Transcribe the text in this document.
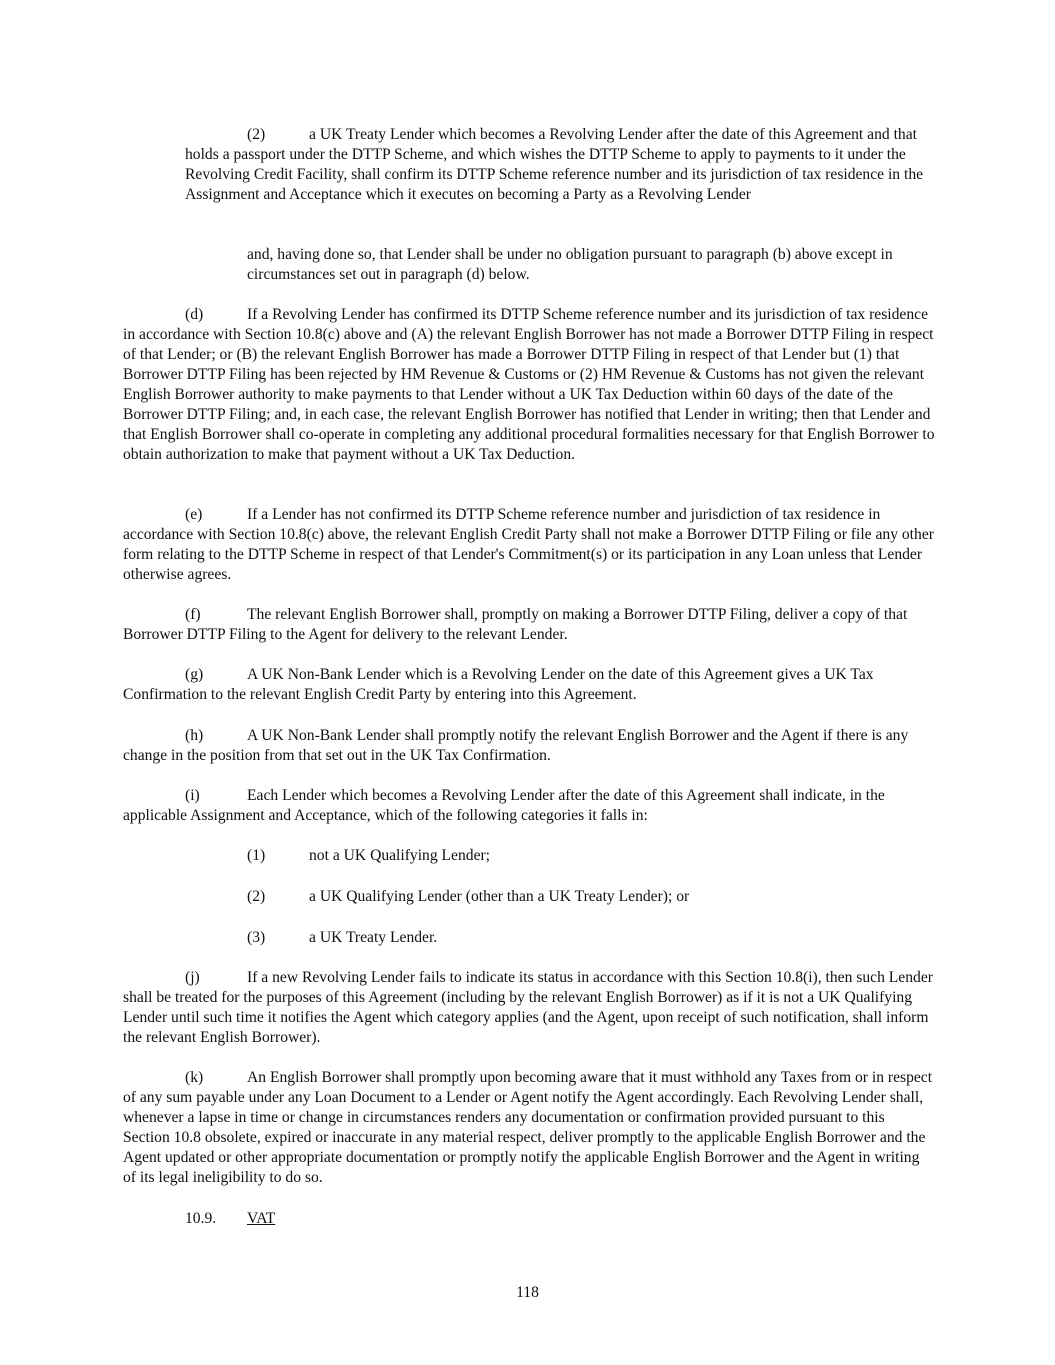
(2)	a UK Treaty Lender which becomes a Revolving Lender after the date of this Agreement and that holds a passport under the DTTP Scheme, and which wishes the DTTP Scheme to apply to payments to it under the Revolving Credit Facility, shall confirm its DTTP Scheme reference number and its jurisdiction of tax residence in the Assignment and Acceptance which it executes on becoming a Party as a Revolving Lender

and, having done so, that Lender shall be under no obligation pursuant to paragraph (b) above except in circumstances set out in paragraph (d) below.

(d)	If a Revolving Lender has confirmed its DTTP Scheme reference number and its jurisdiction of tax residence in accordance with Section 10.8(c) above and (A) the relevant English Borrower has not made a Borrower DTTP Filing in respect of that Lender; or (B) the relevant English Borrower has made a Borrower DTTP Filing in respect of that Lender but (1) that Borrower DTTP Filing has been rejected by HM Revenue & Customs or (2) HM Revenue & Customs has not given the relevant English Borrower authority to make payments to that Lender without a UK Tax Deduction within 60 days of the date of the Borrower DTTP Filing; and, in each case, the relevant English Borrower has notified that Lender in writing; then that Lender and that English Borrower shall co-operate in completing any additional procedural formalities necessary for that English Borrower to obtain authorization to make that payment without a UK Tax Deduction.

(e)	If a Lender has not confirmed its DTTP Scheme reference number and jurisdiction of tax residence in accordance with Section 10.8(c) above, the relevant English Credit Party shall not make a Borrower DTTP Filing or file any other form relating to the DTTP Scheme in respect of that Lender's Commitment(s) or its participation in any Loan unless that Lender otherwise agrees.

(f)	The relevant English Borrower shall, promptly on making a Borrower DTTP Filing, deliver a copy of that Borrower DTTP Filing to the Agent for delivery to the relevant Lender.

(g)	A UK Non-Bank Lender which is a Revolving Lender on the date of this Agreement gives a UK Tax Confirmation to the relevant English Credit Party by entering into this Agreement.

(h)	A UK Non-Bank Lender shall promptly notify the relevant English Borrower and the Agent if there is any change in the position from that set out in the UK Tax Confirmation.

(i)	Each Lender which becomes a Revolving Lender after the date of this Agreement shall indicate, in the applicable Assignment and Acceptance, which of the following categories it falls in:

(1)	not a UK Qualifying Lender;

(2)	a UK Qualifying Lender (other than a UK Treaty Lender); or

(3)	a UK Treaty Lender.

(j)	If a new Revolving Lender fails to indicate its status in accordance with this Section 10.8(i), then such Lender shall be treated for the purposes of this Agreement (including by the relevant English Borrower) as if it is not a UK Qualifying Lender until such time it notifies the Agent which category applies (and the Agent, upon receipt of such notification, shall inform the relevant English Borrower).

(k)	An English Borrower shall promptly upon becoming aware that it must withhold any Taxes from or in respect of any sum payable under any Loan Document to a Lender or Agent notify the Agent accordingly. Each Revolving Lender shall, whenever a lapse in time or change in circumstances renders any documentation or confirmation provided pursuant to this Section 10.8 obsolete, expired or inaccurate in any material respect, deliver promptly to the applicable English Borrower and the Agent updated or other appropriate documentation or promptly notify the applicable English Borrower and the Agent in writing of its legal ineligibility to do so.

10.9. VAT

118
